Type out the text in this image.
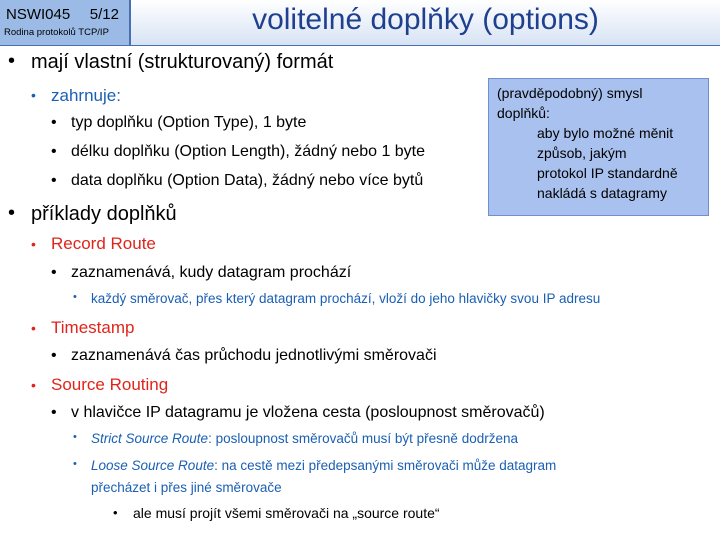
NSWI045 5/12
Rodina protokolů TCP/IP	volitelné doplňky (options)
• mají vlastní (strukturovaný) formát
• zahrnuje:
• typ doplňku (Option Type), 1 byte
• délku doplňku (Option Length), žádný nebo 1 byte
• data doplňku (Option Data), žádný nebo více bytů
• příklady doplňků
• Record Route
• zaznamenává, kudy datagram prochází
• každý směrovač, přes který datagram prochází, vloží do jeho hlavičky svou IP adresu
• Timestamp
• zaznamenává čas průchodu jednotlivými směrovači
• Source Routing
• v hlavičce IP datagramu je vložena cesta (posloupnost směrovačů)
• Strict Source Route: posloupnost směrovačů musí být přesně dodržena
• Loose Source Route: na cestě mezi předepsanými směrovači může datagram
přecházet i přes jiné směrovače
• ale musí projít všemi směrovači na „source route“
(pravděpodobný) smysl
doplňků:
aby bylo možné měnit
způsob, jakým
protokol IP standardně
nakládá s datagramy
